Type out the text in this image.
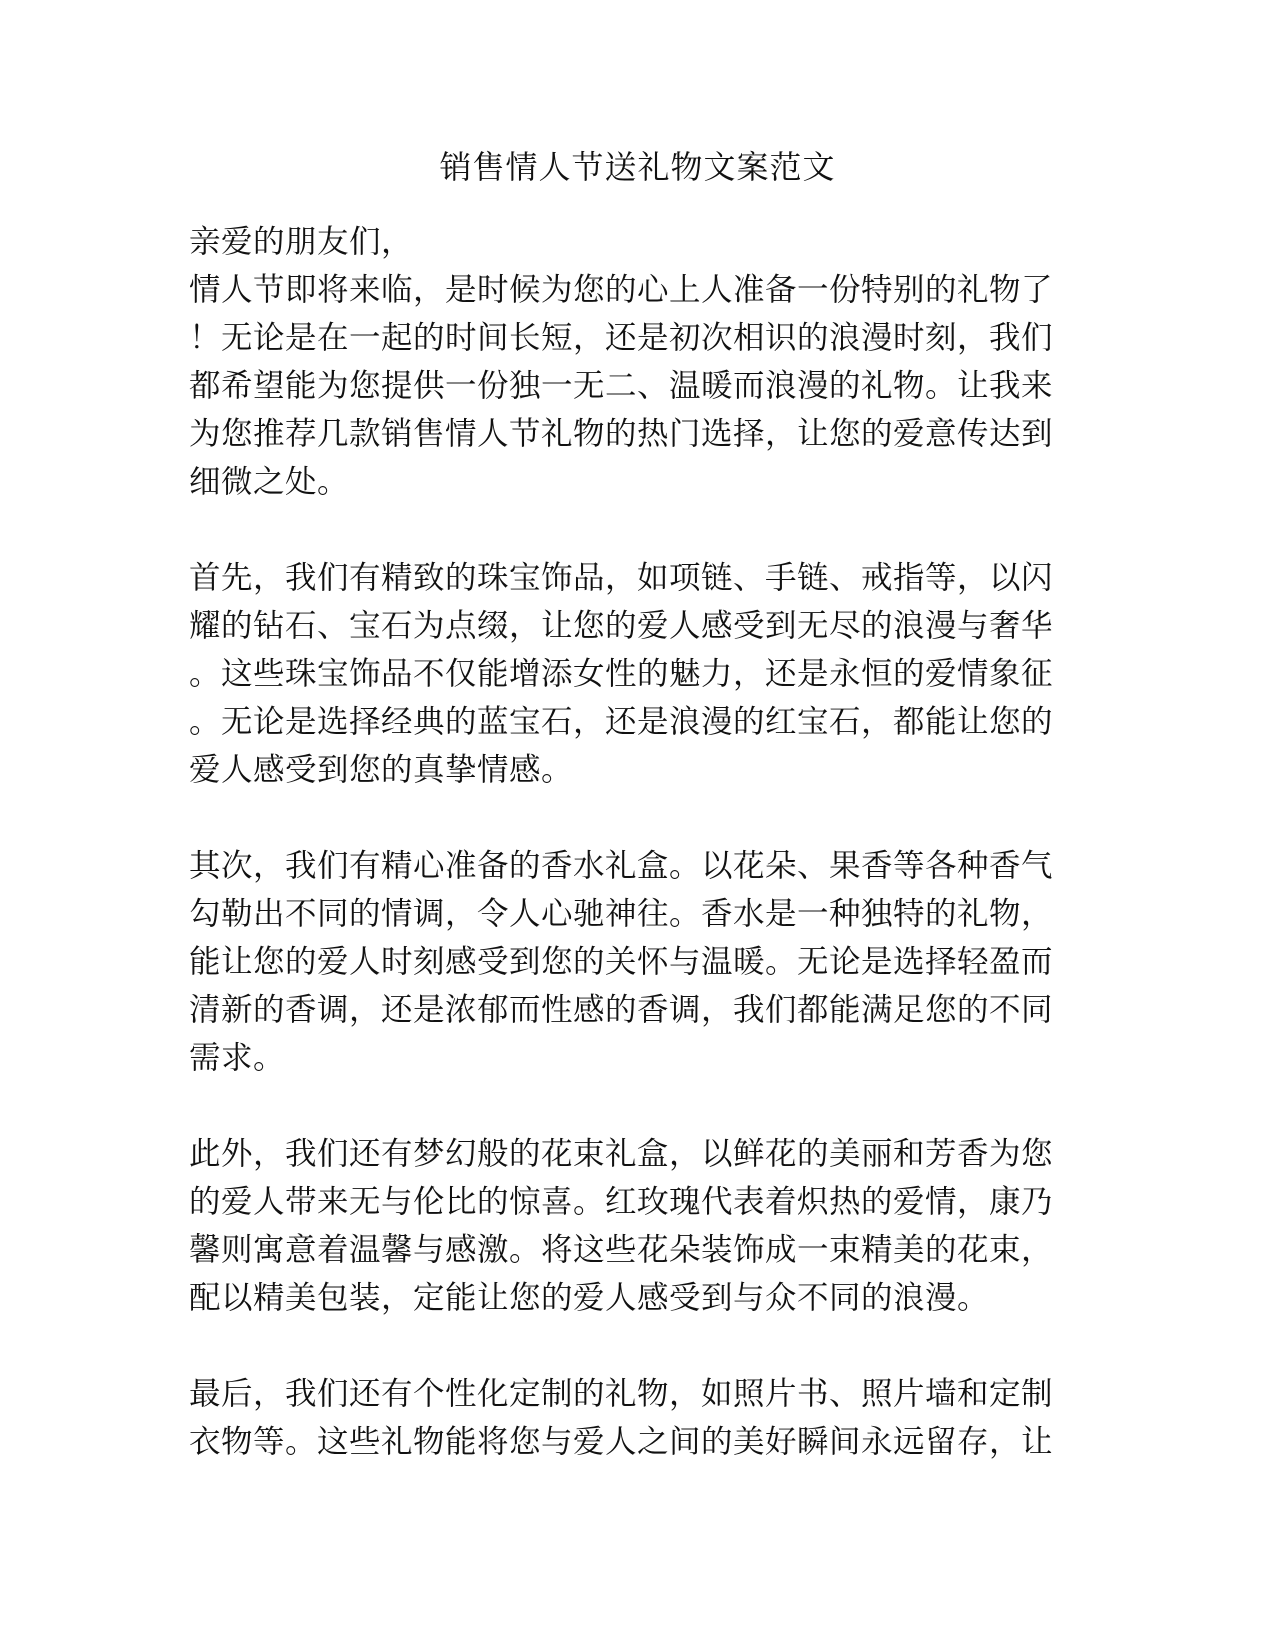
销售情人节送礼物文案范文
亲爱的朋友们，
情人节即将来临，是时候为您的心上人准备一份特别的礼物了
！无论是在一起的时间长短，还是初次相识的浪漫时刻，我们
都希望能为您提供一份独一无二、温暖而浪漫的礼物。让我来
为您推荐几款销售情人节礼物的热门选择，让您的爱意传达到
细微之处。
首先，我们有精致的珠宝饰品，如项链、手链、戒指等，以闪
耀的钻石、宝石为点缀，让您的爱人感受到无尽的浪漫与奢华
。这些珠宝饰品不仅能增添女性的魅力，还是永恒的爱情象征
。无论是选择经典的蓝宝石，还是浪漫的红宝石，都能让您的
爱人感受到您的真挚情感。
其次，我们有精心准备的香水礼盒。以花朵、果香等各种香气
勾勒出不同的情调，令人心驰神往。香水是一种独特的礼物，
能让您的爱人时刻感受到您的关怀与温暖。无论是选择轻盈而
清新的香调，还是浓郁而性感的香调，我们都能满足您的不同
需求。
此外，我们还有梦幻般的花束礼盒，以鲜花的美丽和芳香为您
的爱人带来无与伦比的惊喜。红玫瑰代表着炽热的爱情，康乃
馨则寓意着温馨与感激。将这些花朵装饰成一束精美的花束，
配以精美包装，定能让您的爱人感受到与众不同的浪漫。
最后，我们还有个性化定制的礼物，如照片书、照片墙和定制
衣物等。这些礼物能将您与爱人之间的美好瞬间永远留存，让
